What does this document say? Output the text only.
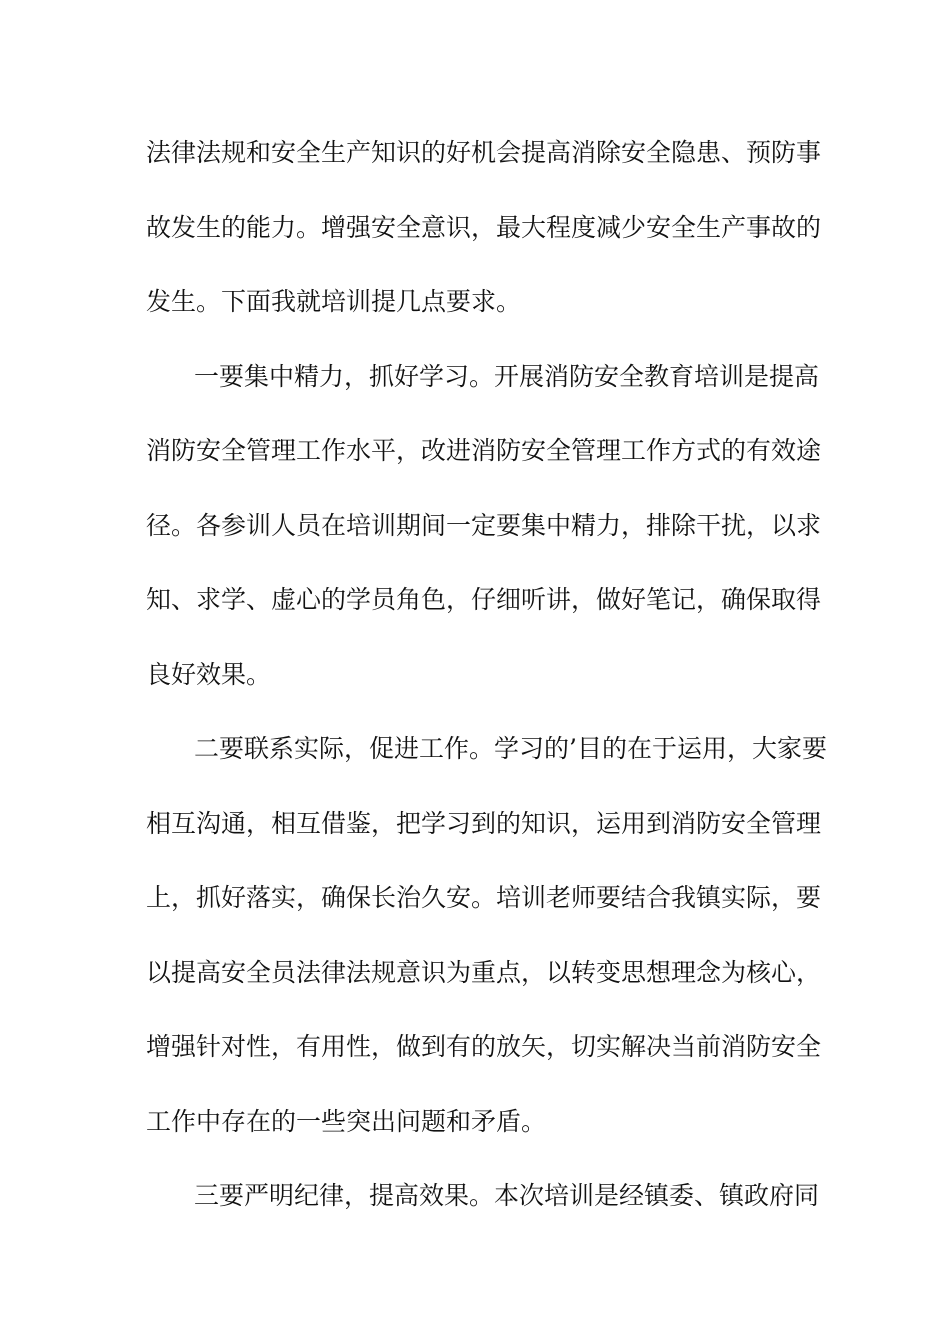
法律法规和安全生产知识的好机会提高消除安全隐患、预防事
故发生的能力。增强安全意识，最大程度减少安全生产事故的
发生。下面我就培训提几点要求。
一要集中精力，抓好学习。开展消防安全教育培训是提高
消防安全管理工作水平，改进消防安全管理工作方式的有效途
径。各参训人员在培训期间一定要集中精力，排除干扰，以求
知、求学、虚心的学员角色，仔细听讲，做好笔记，确保取得
良好效果。
二要联系实际，促进工作。学习的’目的在于运用，大家要
相互沟通，相互借鉴，把学习到的知识，运用到消防安全管理
上，抓好落实，确保长治久安。培训老师要结合我镇实际，要
以提高安全员法律法规意识为重点，以转变思想理念为核心，
增强针对性，有用性，做到有的放矢，切实解决当前消防安全
工作中存在的一些突出问题和矛盾。
三要严明纪律，提高效果。本次培训是经镇委、镇政府同
